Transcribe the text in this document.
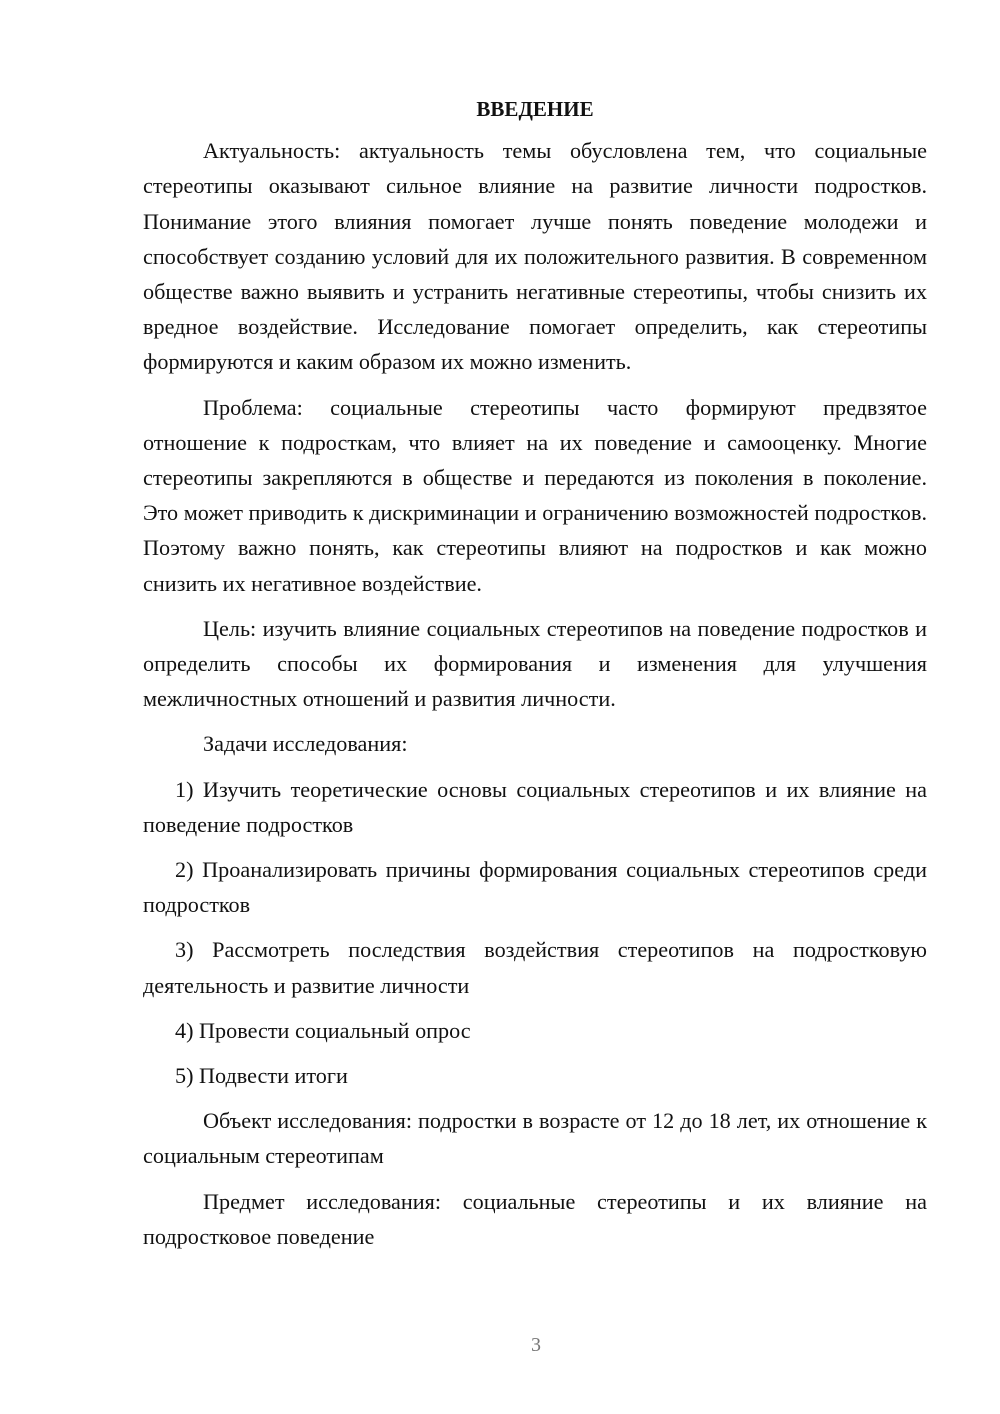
ВВЕДЕНИЕ

Актуальность: актуальность темы обусловлена тем, что социальные стереотипы оказывают сильное влияние на развитие личности подростков. Понимание этого влияния помогает лучше понять поведение молодежи и способствует созданию условий для их положительного развития. В современном обществе важно выявить и устранить негативные стереотипы, чтобы снизить их вредное воздействие. Исследование помогает определить, как стереотипы формируются и каким образом их можно изменить.

Проблема: социальные стереотипы часто формируют предвзятое отношение к подросткам, что влияет на их поведение и самооценку. Многие стереотипы закрепляются в обществе и передаются из поколения в поколение. Это может приводить к дискриминации и ограничению возможностей подростков. Поэтому важно понять, как стереотипы влияют на подростков и как можно снизить их негативное воздействие.

Цель: изучить влияние социальных стереотипов на поведение подростков и определить способы их формирования и изменения для улучшения межличностных отношений и развития личности.

Задачи исследования:

1) Изучить теоретические основы социальных стереотипов и их влияние на поведение подростков

2) Проанализировать причины формирования социальных стереотипов среди подростков

3) Рассмотреть последствия воздействия стереотипов на подростковую деятельность и развитие личности

4) Провести социальный опрос

5) Подвести итоги

Объект исследования: подростки в возрасте от 12 до 18 лет, их отношение к социальным стереотипам

Предмет исследования: социальные стереотипы и их влияние на подростковое поведение

3
